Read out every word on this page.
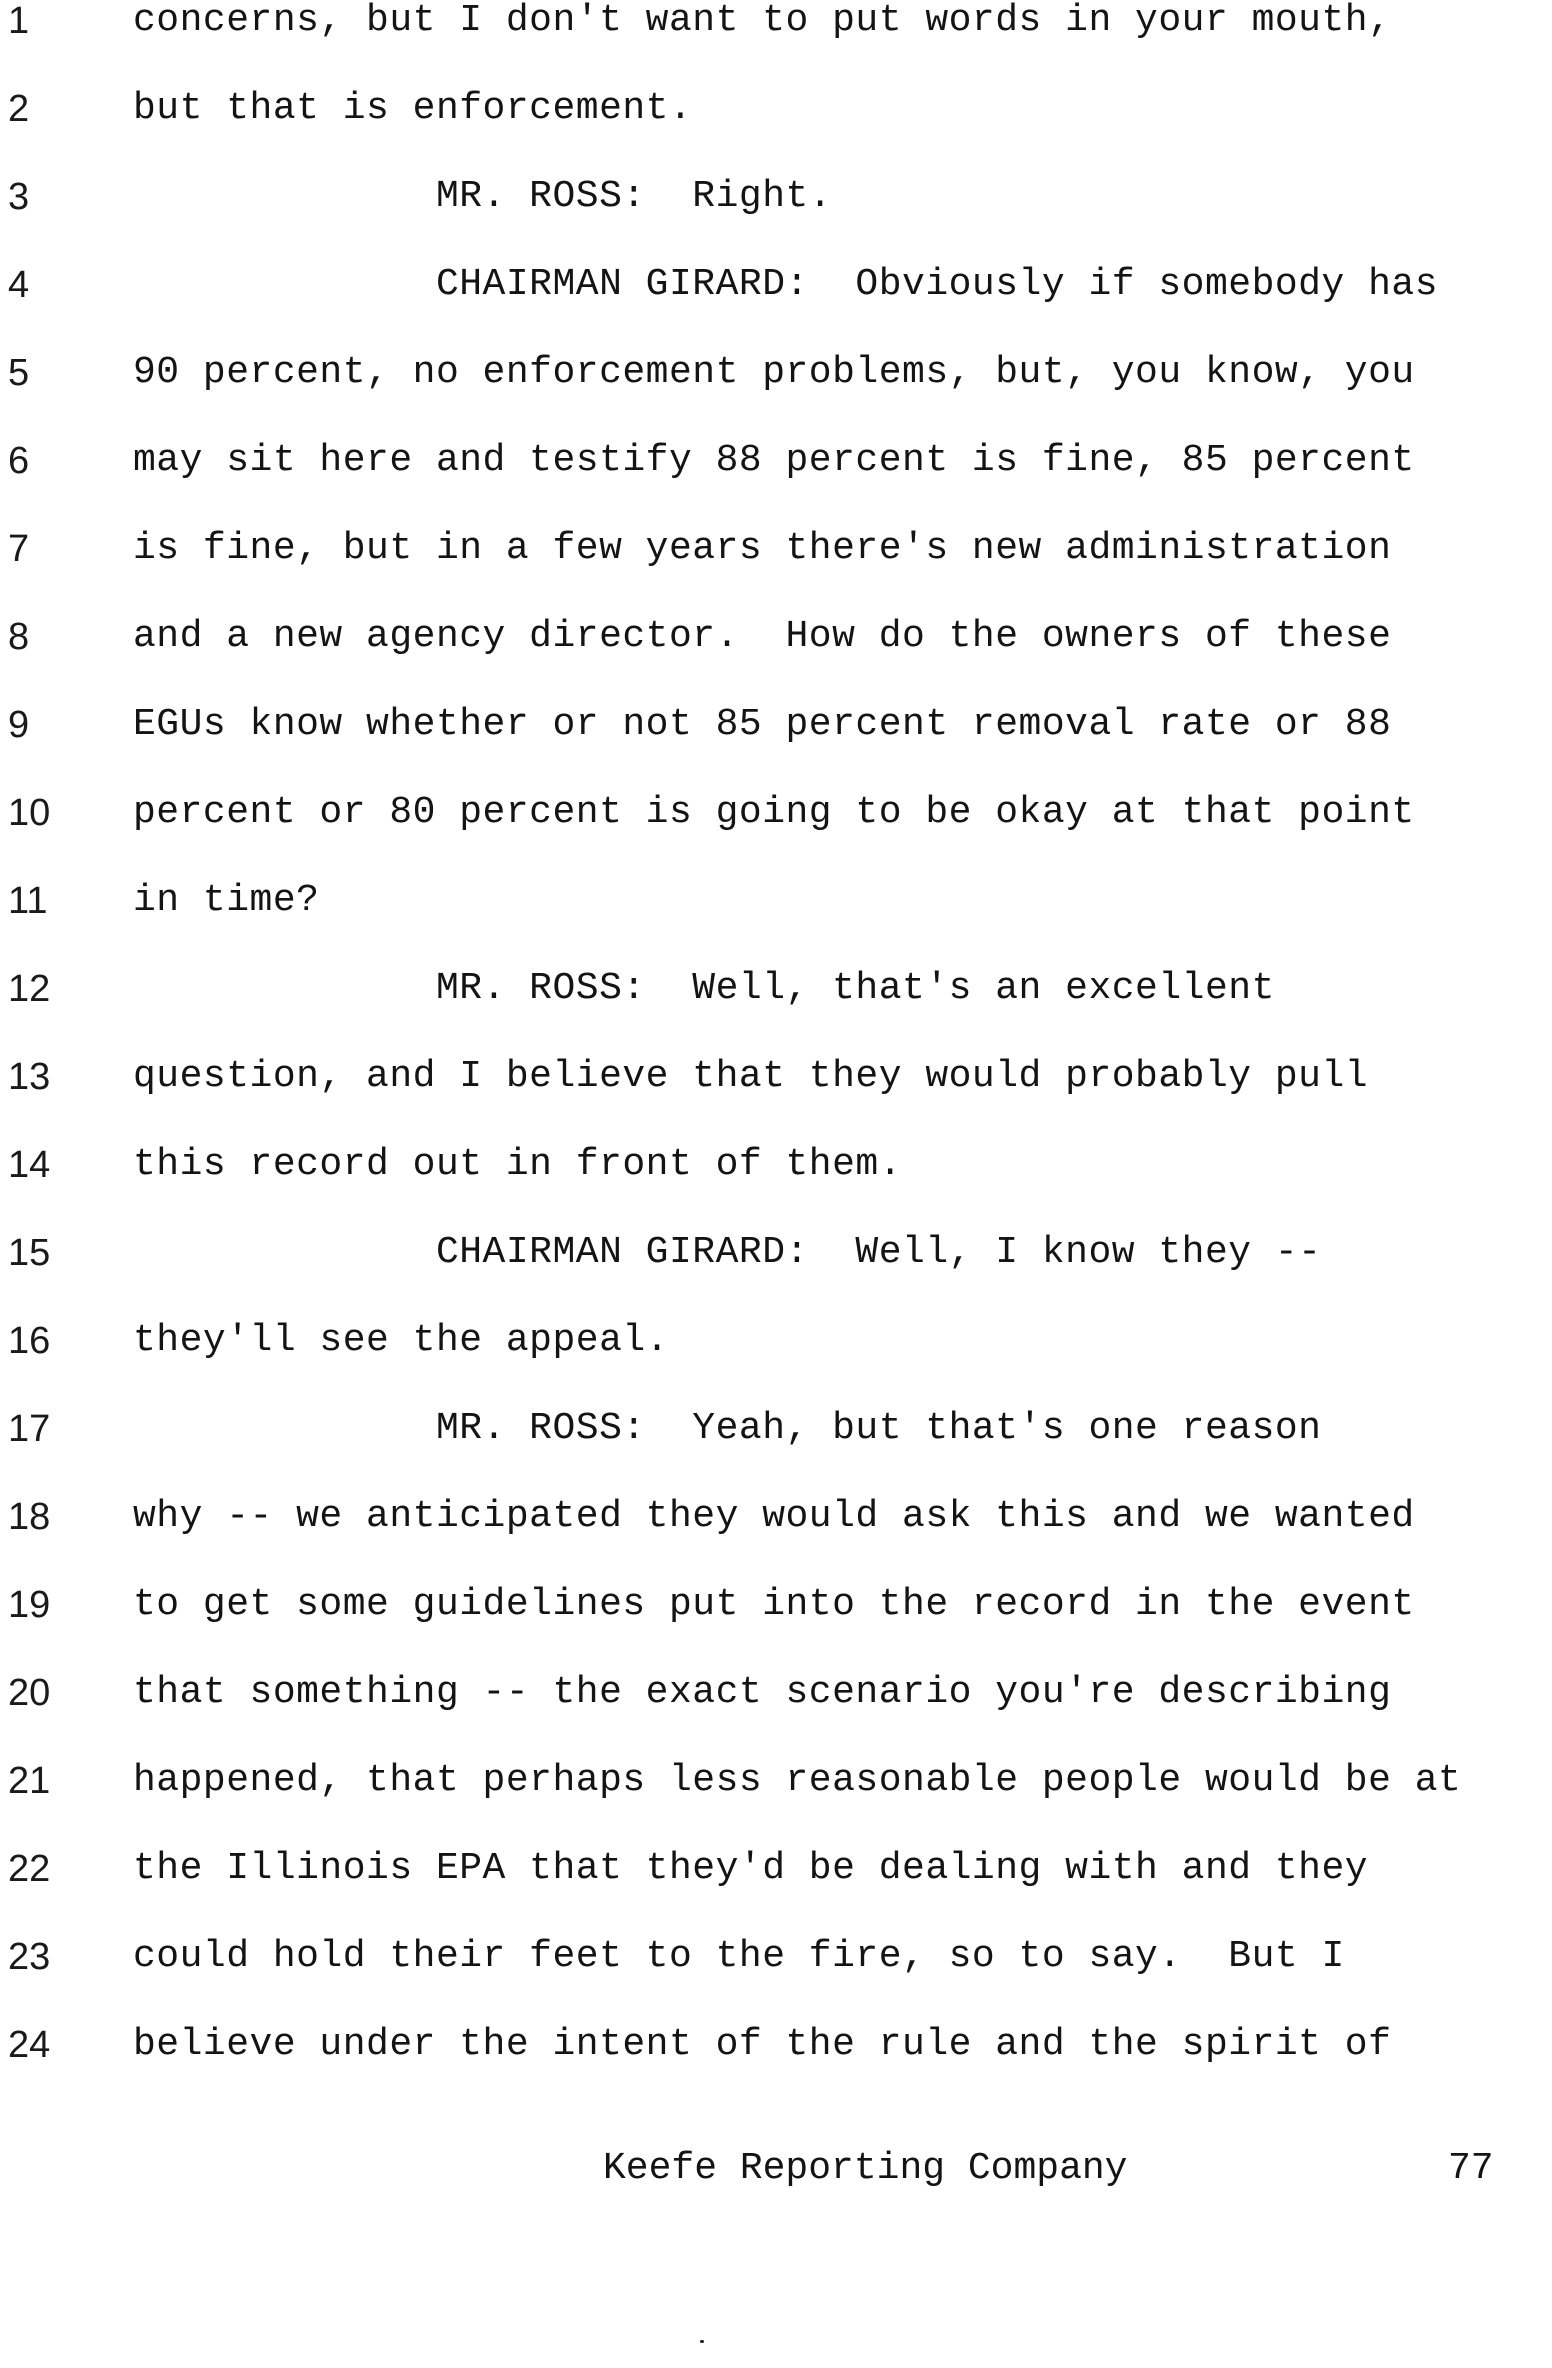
1	concerns, but I don't want to put words in your mouth,
2	but that is enforcement.
3	MR. ROSS:  Right.
4	CHAIRMAN GIRARD:  Obviously if somebody has
5	90 percent, no enforcement problems, but, you know, you
6	may sit here and testify 88 percent is fine, 85 percent
7	is fine, but in a few years there's new administration
8	and a new agency director.  How do the owners of these
9	EGUs know whether or not 85 percent removal rate or 88
10	percent or 80 percent is going to be okay at that point
11	in time?
12	MR. ROSS:  Well, that's an excellent
13	question, and I believe that they would probably pull
14	this record out in front of them.
15	CHAIRMAN GIRARD:  Well, I know they --
16	they'll see the appeal.
17	MR. ROSS:  Yeah, but that's one reason
18	why -- we anticipated they would ask this and we wanted
19	to get some guidelines put into the record in the event
20	that something -- the exact scenario you're describing
21	happened, that perhaps less reasonable people would be at
22	the Illinois EPA that they'd be dealing with and they
23	could hold their feet to the fire, so to say.  But I
24	believe under the intent of the rule and the spirit of
Keefe Reporting Company	77
